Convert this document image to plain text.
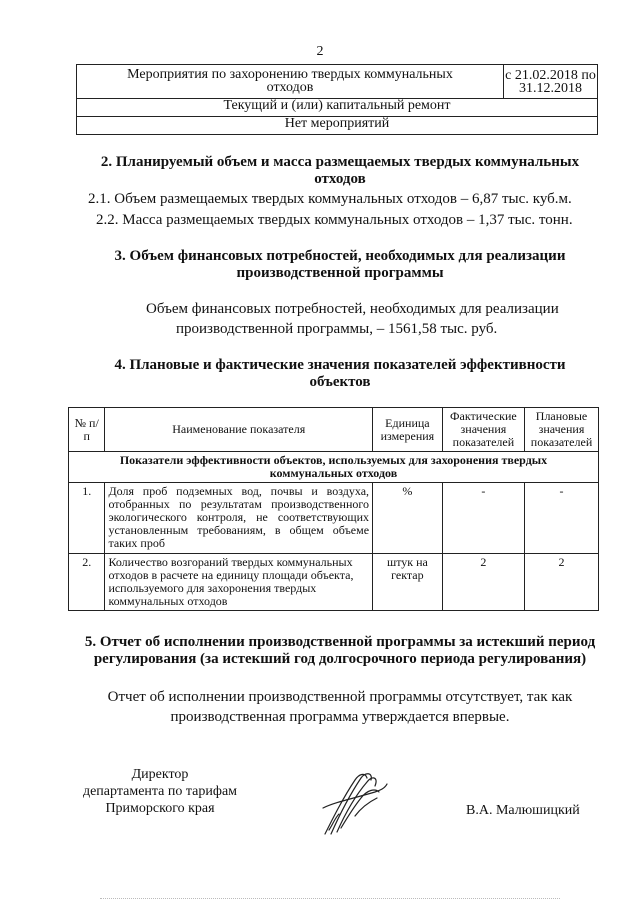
2
Мероприятия по захоронению твердых коммунальных отходов	с 21.02.2018 по 31.12.2018
Текущий и (или) капитальный ремонт
Нет мероприятий
2. Планируемый объем и масса размещаемых твердых коммунальных
отходов
2.1. Объем размещаемых твердых коммунальных отходов – 6,87 тыс. куб.м.
2.2. Масса размещаемых твердых коммунальных отходов – 1,37 тыс. тонн.
3. Объем финансовых потребностей, необходимых для реализации
производственной программы
Объем финансовых потребностей, необходимых для реализации
производственной программы, – 1561,58 тыс. руб.
4. Плановые и фактические значения показателей эффективности
объектов
№ п/п	Наименование показателя	Единица измерения	Фактические значения показателей	Плановые значения показателей
Показатели эффективности объектов, используемых для захоронения твердых коммунальных отходов				
1.	Доля проб подземных вод, почвы и воздуха, отобранных по результатам производственного экологического контроля, не соответствующих установленным требованиям, в общем объеме таких проб	%	-	-
2.	Количество возгораний твердых коммунальных отходов в расчете на единицу площади объекта, используемого для захоронения твердых коммунальных отходов	штук на гектар	2	2
5. Отчет об исполнении производственной программы за истекший период
регулирования (за истекший год долгосрочного периода регулирования)
Отчет об исполнении производственной программы отсутствует, так как
производственная программа утверждается впервые.
Директор
департамента по тарифам
Приморского края	В.А. Малюшицкий
